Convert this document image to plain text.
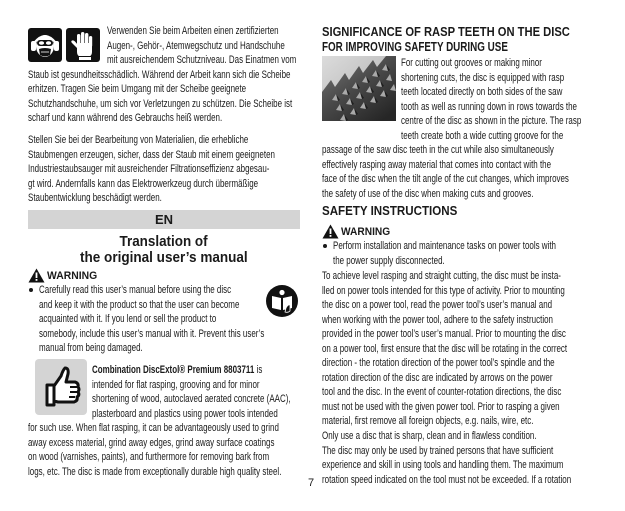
Verwenden Sie beim Arbeiten einen zertifizierten
Augen-, Gehör-, Atemwegschutz und Handschuhe
mit ausreichendem Schutzniveau. Das Einatmen vom
Staub ist gesundheitsschädlich. Während der Arbeit kann sich die Scheibe
erhitzen. Tragen Sie beim Umgang mit der Scheibe geeignete
Schutzhandschuhe, um sich vor Verletzungen zu schützen. Die Scheibe ist
scharf und kann während des Gebrauchs heiß werden.
Stellen Sie bei der Bearbeitung von Materialien, die erhebliche
Staubmengen erzeugen, sicher, dass der Staub mit einem geeigneten
Industriestaubsauger mit ausreichender Filtrationseffizienz abgesau-
gt wird. Andernfalls kann das Elektrowerkzeug durch übermäßige
Staubentwicklung beschädigt werden.
EN
Translation of
the original user’s manual
WARNING
Carefully read this user’s manual before using the disc
and keep it with the product so that the user can become
acquainted with it. If you lend or sell the product to
somebody, include this user’s manual with it. Prevent this user’s
manual from being damaged.
Combination DiscExtol® Premium 8803711 is
intended for flat rasping, grooving and for minor
shortening of wood, autoclaved aerated concrete (AAC),
plasterboard and plastics using power tools intended
for such use. When flat rasping, it can be advantageously used to grind
away excess material, grind away edges, grind away surface coatings
on wood (varnishes, paints), and furthermore for removing bark from
logs, etc. The disc is made from exceptionally durable high quality steel.
SIGNIFICANCE OF RASP TEETH ON THE DISC
FOR IMPROVING SAFETY DURING USE
For cutting out grooves or making minor
shortening cuts, the disc is equipped with rasp
teeth located directly on both sides of the saw
tooth as well as running down in rows towards the
centre of the disc as shown in the picture. The rasp
teeth create both a wide cutting groove for the
passage of the saw disc teeth in the cut while also simultaneously
effectively rasping away material that comes into contact with the
face of the disc when the tilt angle of the cut changes, which improves
the safety of use of the disc when making cuts and grooves.
SAFETY INSTRUCTIONS
WARNING
Perform installation and maintenance tasks on power tools with
the power supply disconnected.
To achieve level rasping and straight cutting, the disc must be insta-
lled on power tools intended for this type of activity. Prior to mounting
the disc on a power tool, read the power tool’s user’s manual and
when working with the power tool, adhere to the safety instruction
provided in the power tool’s user’s manual. Prior to mounting the disc
on a power tool, first ensure that the disc will be rotating in the correct
direction - the rotation direction of the power tool’s spindle and the
rotation direction of the disc are indicated by arrows on the power
tool and the disc. In the event of counter-rotation directions, the disc
must not be used with the given power tool. Prior to rasping a given
material, first remove all foreign objects, e.g. nails, wire, etc.
Only use a disc that is sharp, clean and in flawless condition.
The disc may only be used by trained persons that have sufficient
experience and skill in using tools and handling them. The maximum
rotation speed indicated on the tool must not be exceeded. If a rotation
7
